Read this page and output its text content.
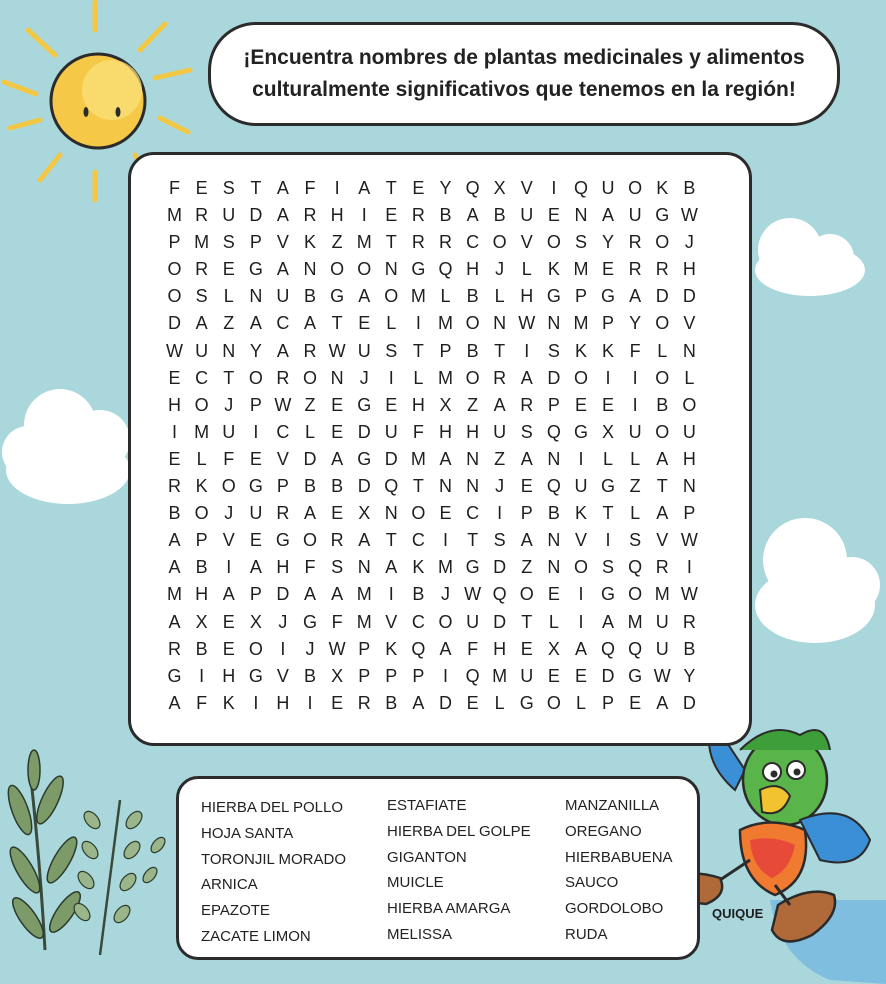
¡Encuentra nombres de plantas medicinales y alimentos culturalmente significativos que tenemos en la región!
F E S T A F	I	A T E Y Q X V	I Q U O K B
M R U D A R H	I	E R B A B U E N A U G W
P M S P V K Z M T R R C O V O S Y R O J
O R E G A N O O N G Q H J L K M E R R H
O S L N U B G A O M L B L H G P G A D D
D A Z A C A T E L	I M O N W N M P Y O V
W U N Y A R W U S T P B T	I	S K K F L N
E C T O R O N J	I	L M O R A D O I	I O L
H O J P W Z E G E H X Z A R P E E	I	B O
I M U	I	C L E D U F H H U S Q G X U O U
E L F E V D A G D M A N Z A N	I	L L A H
R K O G P B B D Q T N N J E Q U G Z T N
B O J U R A E X N O E C	I	P B K T L A P
A P V E G O R A T C	I	T S A N V	I	S V W
A B	I	A H F S N A K M G D Z N O S Q R	I
M H A P D A A M I	B J W Q O E	I G O M W
A X E X J G F M V C O U D T L	I	A M U R
R B E O I	J W P K Q A F H E X A Q Q U B
G I	H G V B X P P P	I Q M U E E D G W Y
A F K	I	H	I	E R B A D E L G O L P E A D
HIERBA DEL POLLO
HOJA SANTA
TORONJIL MORADO
ARNICA
EPAZOTE
ZACATE LIMON
ESTAFIATE
HIERBA DEL GOLPE
GIGANTON
MUICLE
HIERBA AMARGA
MELISSA
MANZANILLA
OREGANO
HIERBABUENA
SAUCO
GORDOLOBO
RUDA
QUIQUE
